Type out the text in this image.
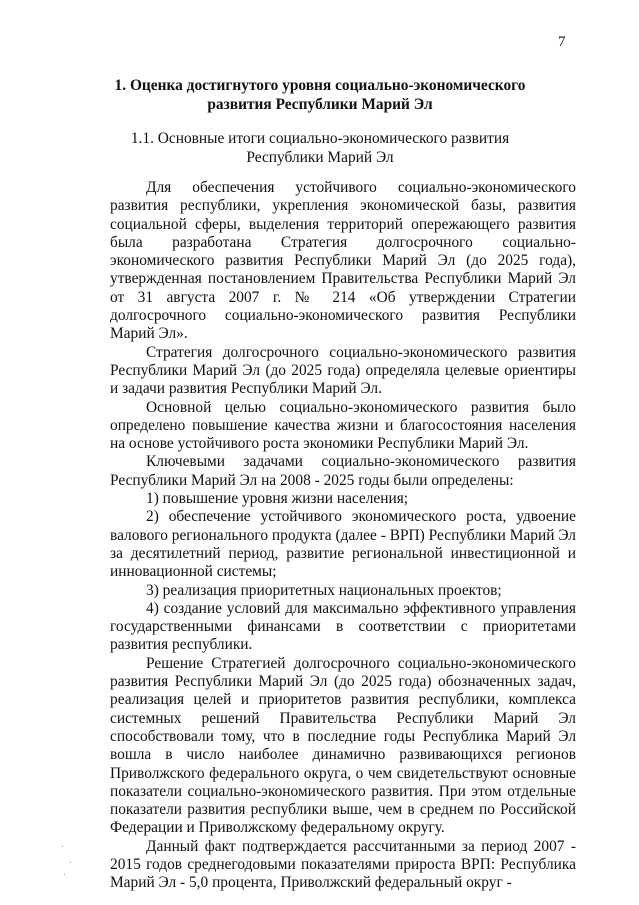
7
1. Оценка достигнутого уровня социально-экономического
развития Республики Марий Эл
1.1. Основные итоги социально-экономического развития
Республики Марий Эл

Для обеспечения устойчивого социально-экономического развития республики, укрепления экономической базы, развития социальной сферы, выделения территорий опережающего развития была разработана Стратегия долгосрочного социально-экономического развития Республики Марий Эл (до 2025 года), утвержденная постановлением Правительства Республики Марий Эл от 31 августа 2007 г. № 214 «Об утверждении Стратегии долгосрочного социально-экономического развития Республики Марий Эл».

Стратегия долгосрочного социально-экономического развития Республики Марий Эл (до 2025 года) определяла целевые ориентиры и задачи развития Республики Марий Эл.

Основной целью социально-экономического развития было определено повышение качества жизни и благосостояния населения на основе устойчивого роста экономики Республики Марий Эл.

Ключевыми задачами социально-экономического развития Республики Марий Эл на 2008 - 2025 годы были определены:

1) повышение уровня жизни населения;

2) обеспечение устойчивого экономического роста, удвоение валового регионального продукта (далее - ВРП) Республики Марий Эл за десятилетний период, развитие региональной инвестиционной и инновационной системы;

3) реализация приоритетных национальных проектов;

4) создание условий для максимально эффективного управления государственными финансами в соответствии с приоритетами развития республики.

Решение Стратегией долгосрочного социально-экономического развития Республики Марий Эл (до 2025 года) обозначенных задач, реализация целей и приоритетов развития республики, комплекса системных решений Правительства Республики Марий Эл способствовали тому, что в последние годы Республика Марий Эл вошла в число наиболее динамично развивающихся регионов Приволжского федерального округа, о чем свидетельствуют основные показатели социально-экономического развития. При этом отдельные показатели развития республики выше, чем в среднем по Российской Федерации и Приволжскому федеральному округу.

Данный факт подтверждается рассчитанными за период 2007 - 2015 годов среднегодовыми показателями прироста ВРП: Республика Марий Эл - 5,0 процента, Приволжский федеральный округ -
